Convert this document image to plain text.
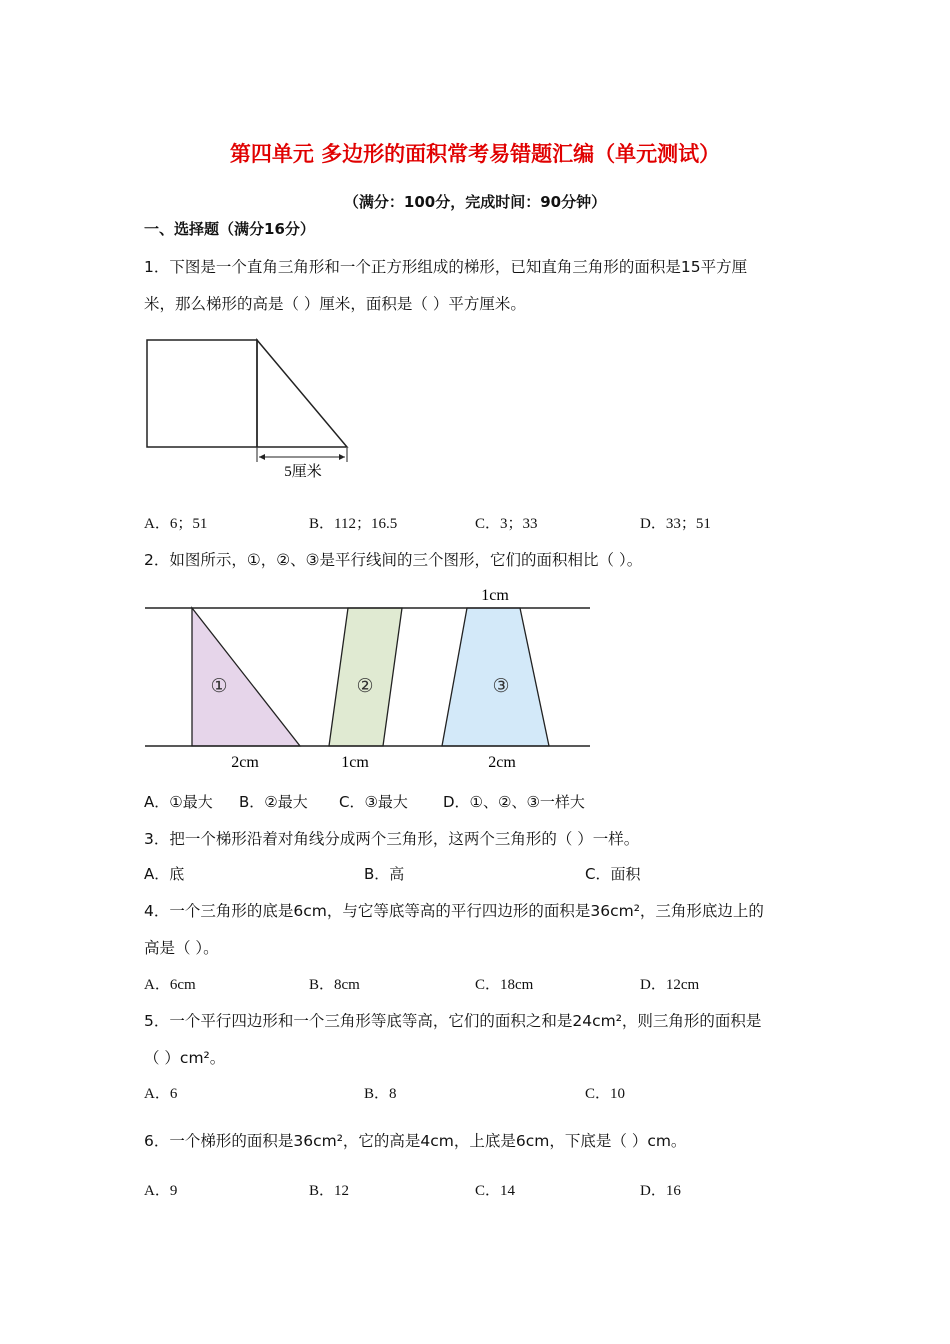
第四单元 多边形的面积常考易错题汇编（单元测试）
（满分：100分，完成时间：90分钟）
一、选择题（满分16分）
1．下图是一个直角三角形和一个正方形组成的梯形，已知直角三角形的面积是15平方厘
米，那么梯形的高是（ ）厘米，面积是（ ）平方厘米。
5厘米
A．6；51	B．112；16.5	C．3；33	D．33；51
2．如图所示，①，②、③是平行线间的三个图形，它们的面积相比（ ）。
1cm
①	②	③
2cm	1cm	2cm
A．①最大 B．②最大 C．③最大 D．①、②、③一样大
3．把一个梯形沿着对角线分成两个三角形，这两个三角形的（ ）一样。
A．底	B．高	C．面积
4．一个三角形的底是6cm，与它等底等高的平行四边形的面积是36cm²，三角形底边上的
高是（ ）。
A．6cm	B．8cm	C．18cm	D．12cm
5．一个平行四边形和一个三角形等底等高，它们的面积之和是24cm²，则三角形的面积是
（ ）cm²。
A．6	B．8	C．10
6．一个梯形的面积是36cm²，它的高是4cm，上底是6cm，下底是（ ）cm。
A．9	B．12	C．14	D．16
